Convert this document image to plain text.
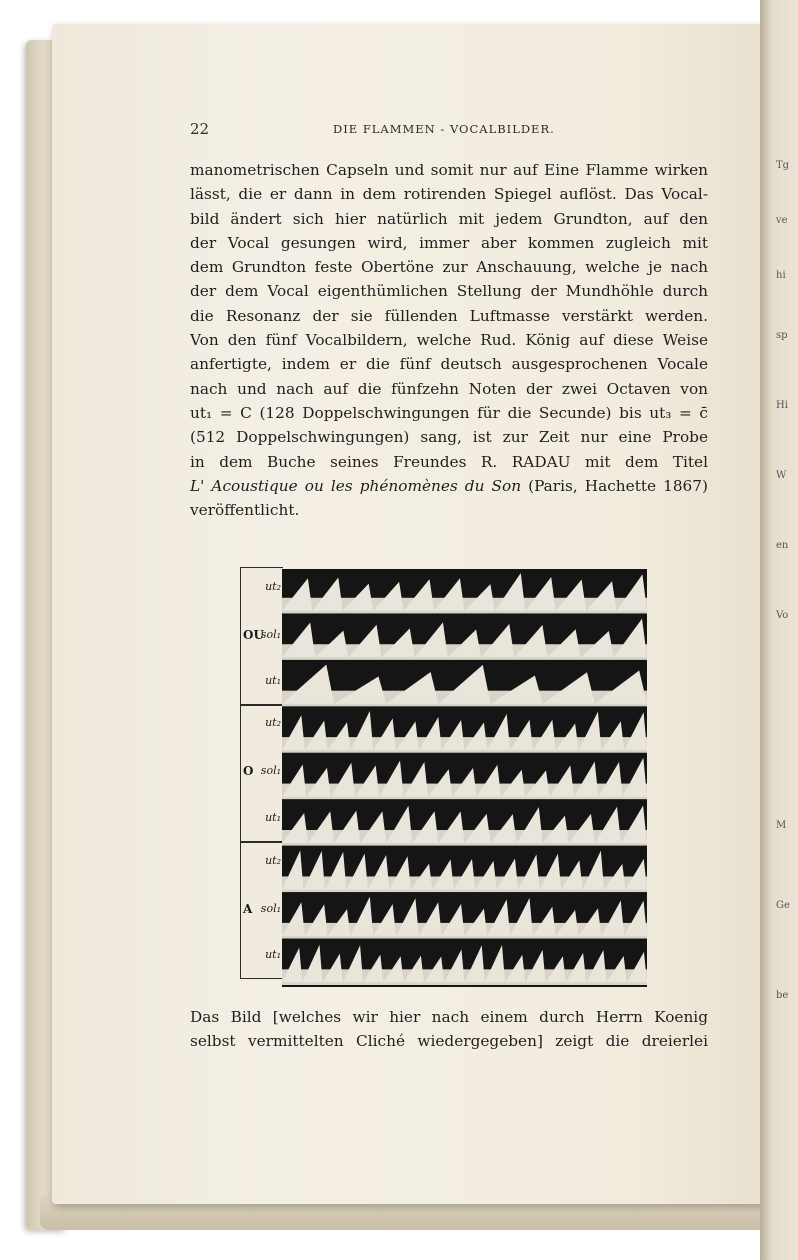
Tg
ve
hi
sp
Hi
W
en
Vo
M
Ge
be
22	DIE FLAMMEN - VOCALBILDER.
manometrischen Capseln und somit nur auf Eine Flamme wirken
lässt, die er dann in dem rotirenden Spiegel auflöst. Das Vocal-
bild ändert sich hier natürlich mit jedem Grundton, auf den
der Vocal gesungen wird, immer aber kommen zugleich mit
dem Grundton feste Obertöne zur Anschauung, welche je nach
der dem Vocal eigenthümlichen Stellung der Mundhöhle durch
die Resonanz der sie füllenden Luftmasse verstärkt werden.
Von den fünf Vocalbildern, welche Rud. König auf diese Weise
anfertigte, indem er die fünf deutsch ausgesprochenen Vocale
nach und nach auf die fünfzehn Noten der zwei Octaven von
ut₁ = C (128 Doppelschwingungen für die Secunde) bis ut₃ = c̄
(512 Doppelschwingungen) sang, ist zur Zeit nur eine Probe
in dem Buche seines Freundes R. RADAU mit dem Titel
L' Acoustique ou les phénomènes du Son (Paris, Hachette 1867)
veröffentlicht.
OU
ut₂
sol₁
ut₁
O
ut₂
sol₁
ut₁
A
ut₂
sol₁
ut₁
Das Bild [welches wir hier nach einem durch Herrn Koenig
selbst vermittelten Cliché wiedergegeben] zeigt die dreierlei
